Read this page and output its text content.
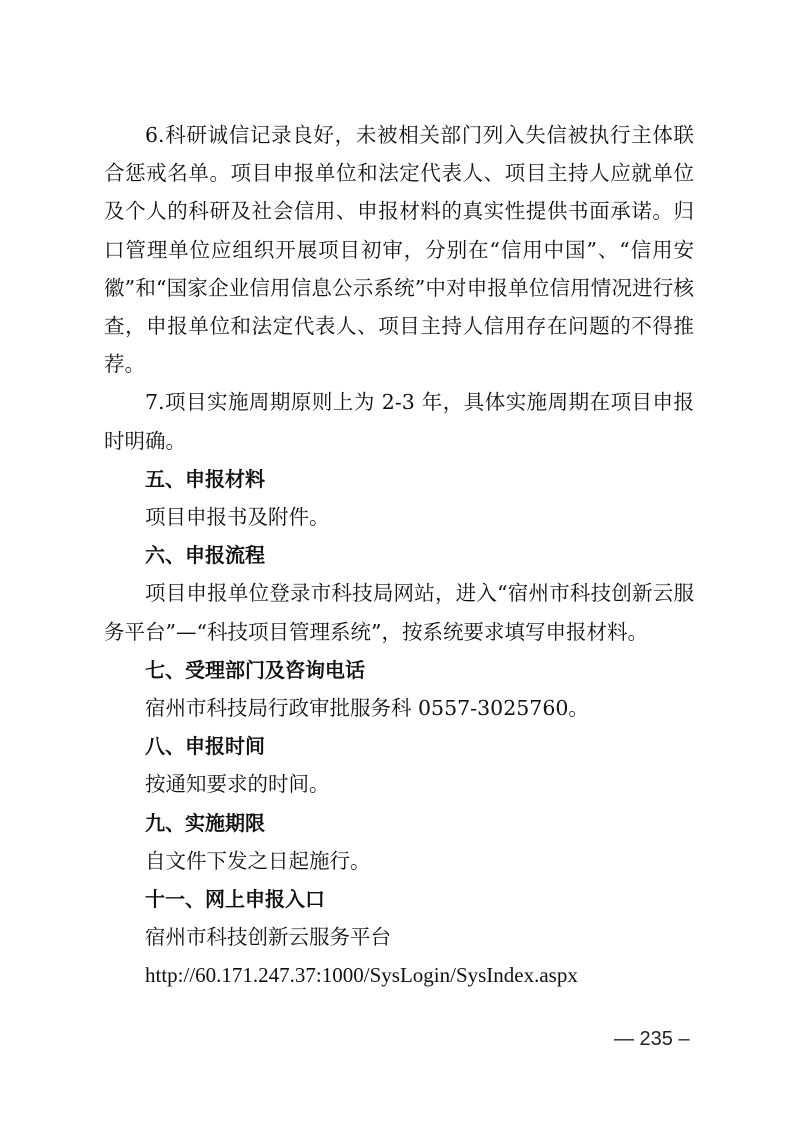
6.科研诚信记录良好，未被相关部门列入失信被执行主体联合惩戒名单。项目申报单位和法定代表人、项目主持人应就单位及个人的科研及社会信用、申报材料的真实性提供书面承诺。归口管理单位应组织开展项目初审，分别在“信用中国”、“信用安徽”和“国家企业信用信息公示系统”中对申报单位信用情况进行核查，申报单位和法定代表人、项目主持人信用存在问题的不得推荐。

7.项目实施周期原则上为 2-3 年，具体实施周期在项目申报时明确。

五、申报材料

项目申报书及附件。

六、申报流程

项目申报单位登录市科技局网站，进入“宿州市科技创新云服务平台”—“科技项目管理系统”，按系统要求填写申报材料。

七、受理部门及咨询电话

宿州市科技局行政审批服务科 0557-3025760。

八、申报时间

按通知要求的时间。

九、实施期限

自文件下发之日起施行。

十一、网上申报入口

宿州市科技创新云服务平台

http://60.171.247.37:1000/SysLogin/SysIndex.aspx

— 235 –
